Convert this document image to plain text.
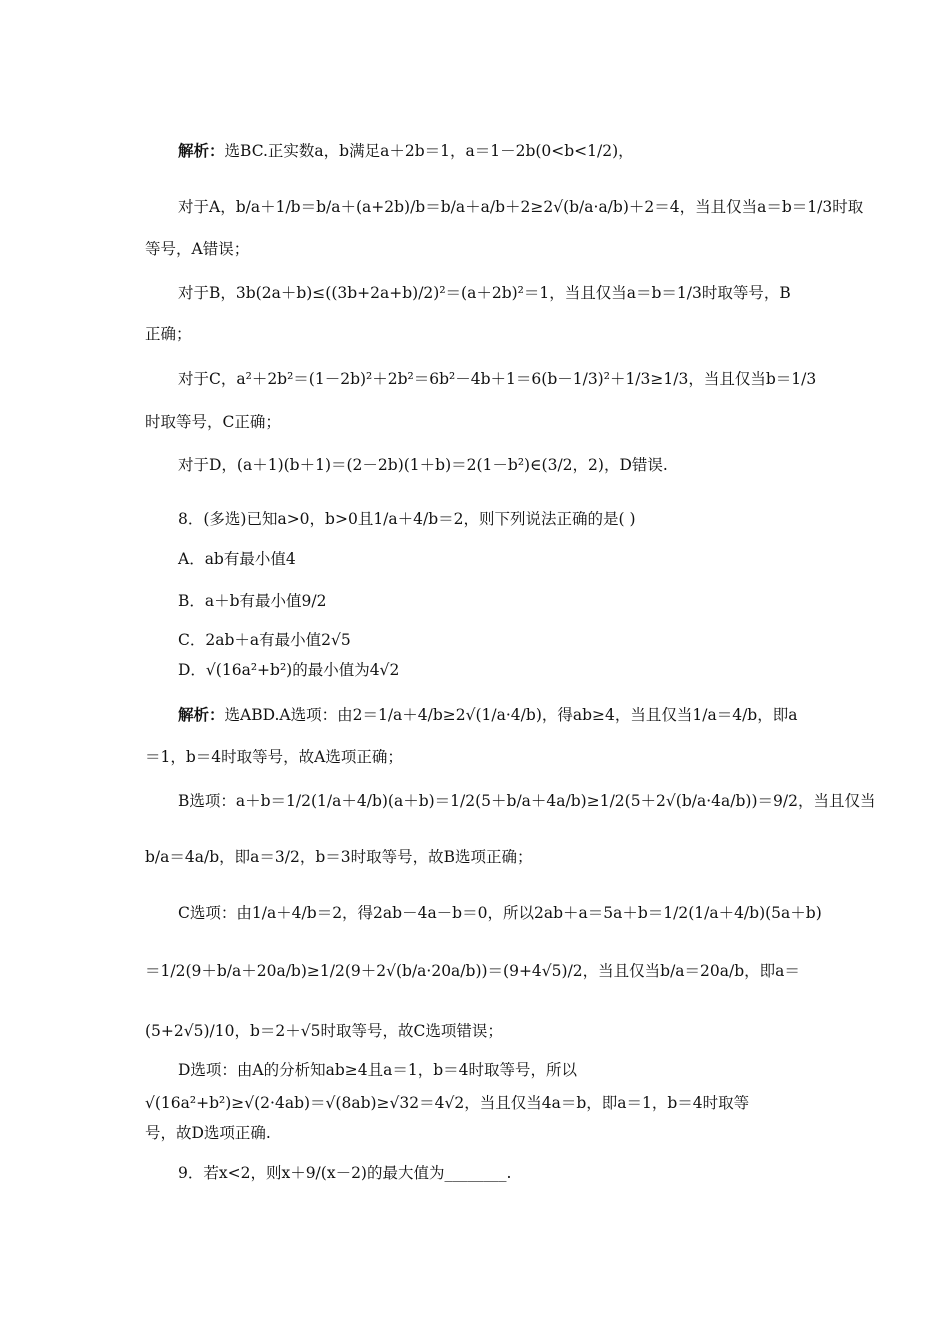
解析：选BC.正实数a，b满足a＋2b＝1，a＝1－2b(0<b<1/2)，
对于A，b/a＋1/b＝b/a＋(a+2b)/b＝b/a＋a/b＋2≥2√(b/a·a/b)＋2＝4，当且仅当a＝b＝1/3时取
等号，A错误；
对于B，3b(2a＋b)≤((3b+2a+b)/2)²＝(a＋2b)²＝1，当且仅当a＝b＝1/3时取等号，B
正确；
对于C，a²＋2b²＝(1－2b)²＋2b²＝6b²－4b＋1＝6(b－1/3)²＋1/3≥1/3，当且仅当b＝1/3
时取等号，C正确；
对于D，(a＋1)(b＋1)＝(2－2b)(1＋b)＝2(1－b²)∈(3/2，2)，D错误.
8．(多选)已知a>0，b>0且1/a＋4/b＝2，则下列说法正确的是( )
A．ab有最小值4
B．a＋b有最小值9/2
C．2ab＋a有最小值2√5
D．√(16a²+b²)的最小值为4√2
解析：选ABD.A选项：由2＝1/a＋4/b≥2√(1/a·4/b)，得ab≥4，当且仅当1/a＝4/b，即a
＝1，b＝4时取等号，故A选项正确；
B选项：a＋b＝1/2(1/a＋4/b)(a＋b)＝1/2(5＋b/a＋4a/b)≥1/2(5＋2√(b/a·4a/b))＝9/2，当且仅当
b/a＝4a/b，即a＝3/2，b＝3时取等号，故B选项正确；
C选项：由1/a＋4/b＝2，得2ab－4a－b＝0，所以2ab＋a＝5a＋b＝1/2(1/a＋4/b)(5a＋b)
＝1/2(9＋b/a＋20a/b)≥1/2(9＋2√(b/a·20a/b))＝(9+4√5)/2，当且仅当b/a＝20a/b，即a＝
(5+2√5)/10，b＝2＋√5时取等号，故C选项错误；
D选项：由A的分析知ab≥4且a＝1，b＝4时取等号，所以
√(16a²+b²)≥√(2·4ab)＝√(8ab)≥√32＝4√2，当且仅当4a＝b，即a＝1，b＝4时取等
号，故D选项正确.
9．若x<2，则x＋9/(x－2)的最大值为________.
